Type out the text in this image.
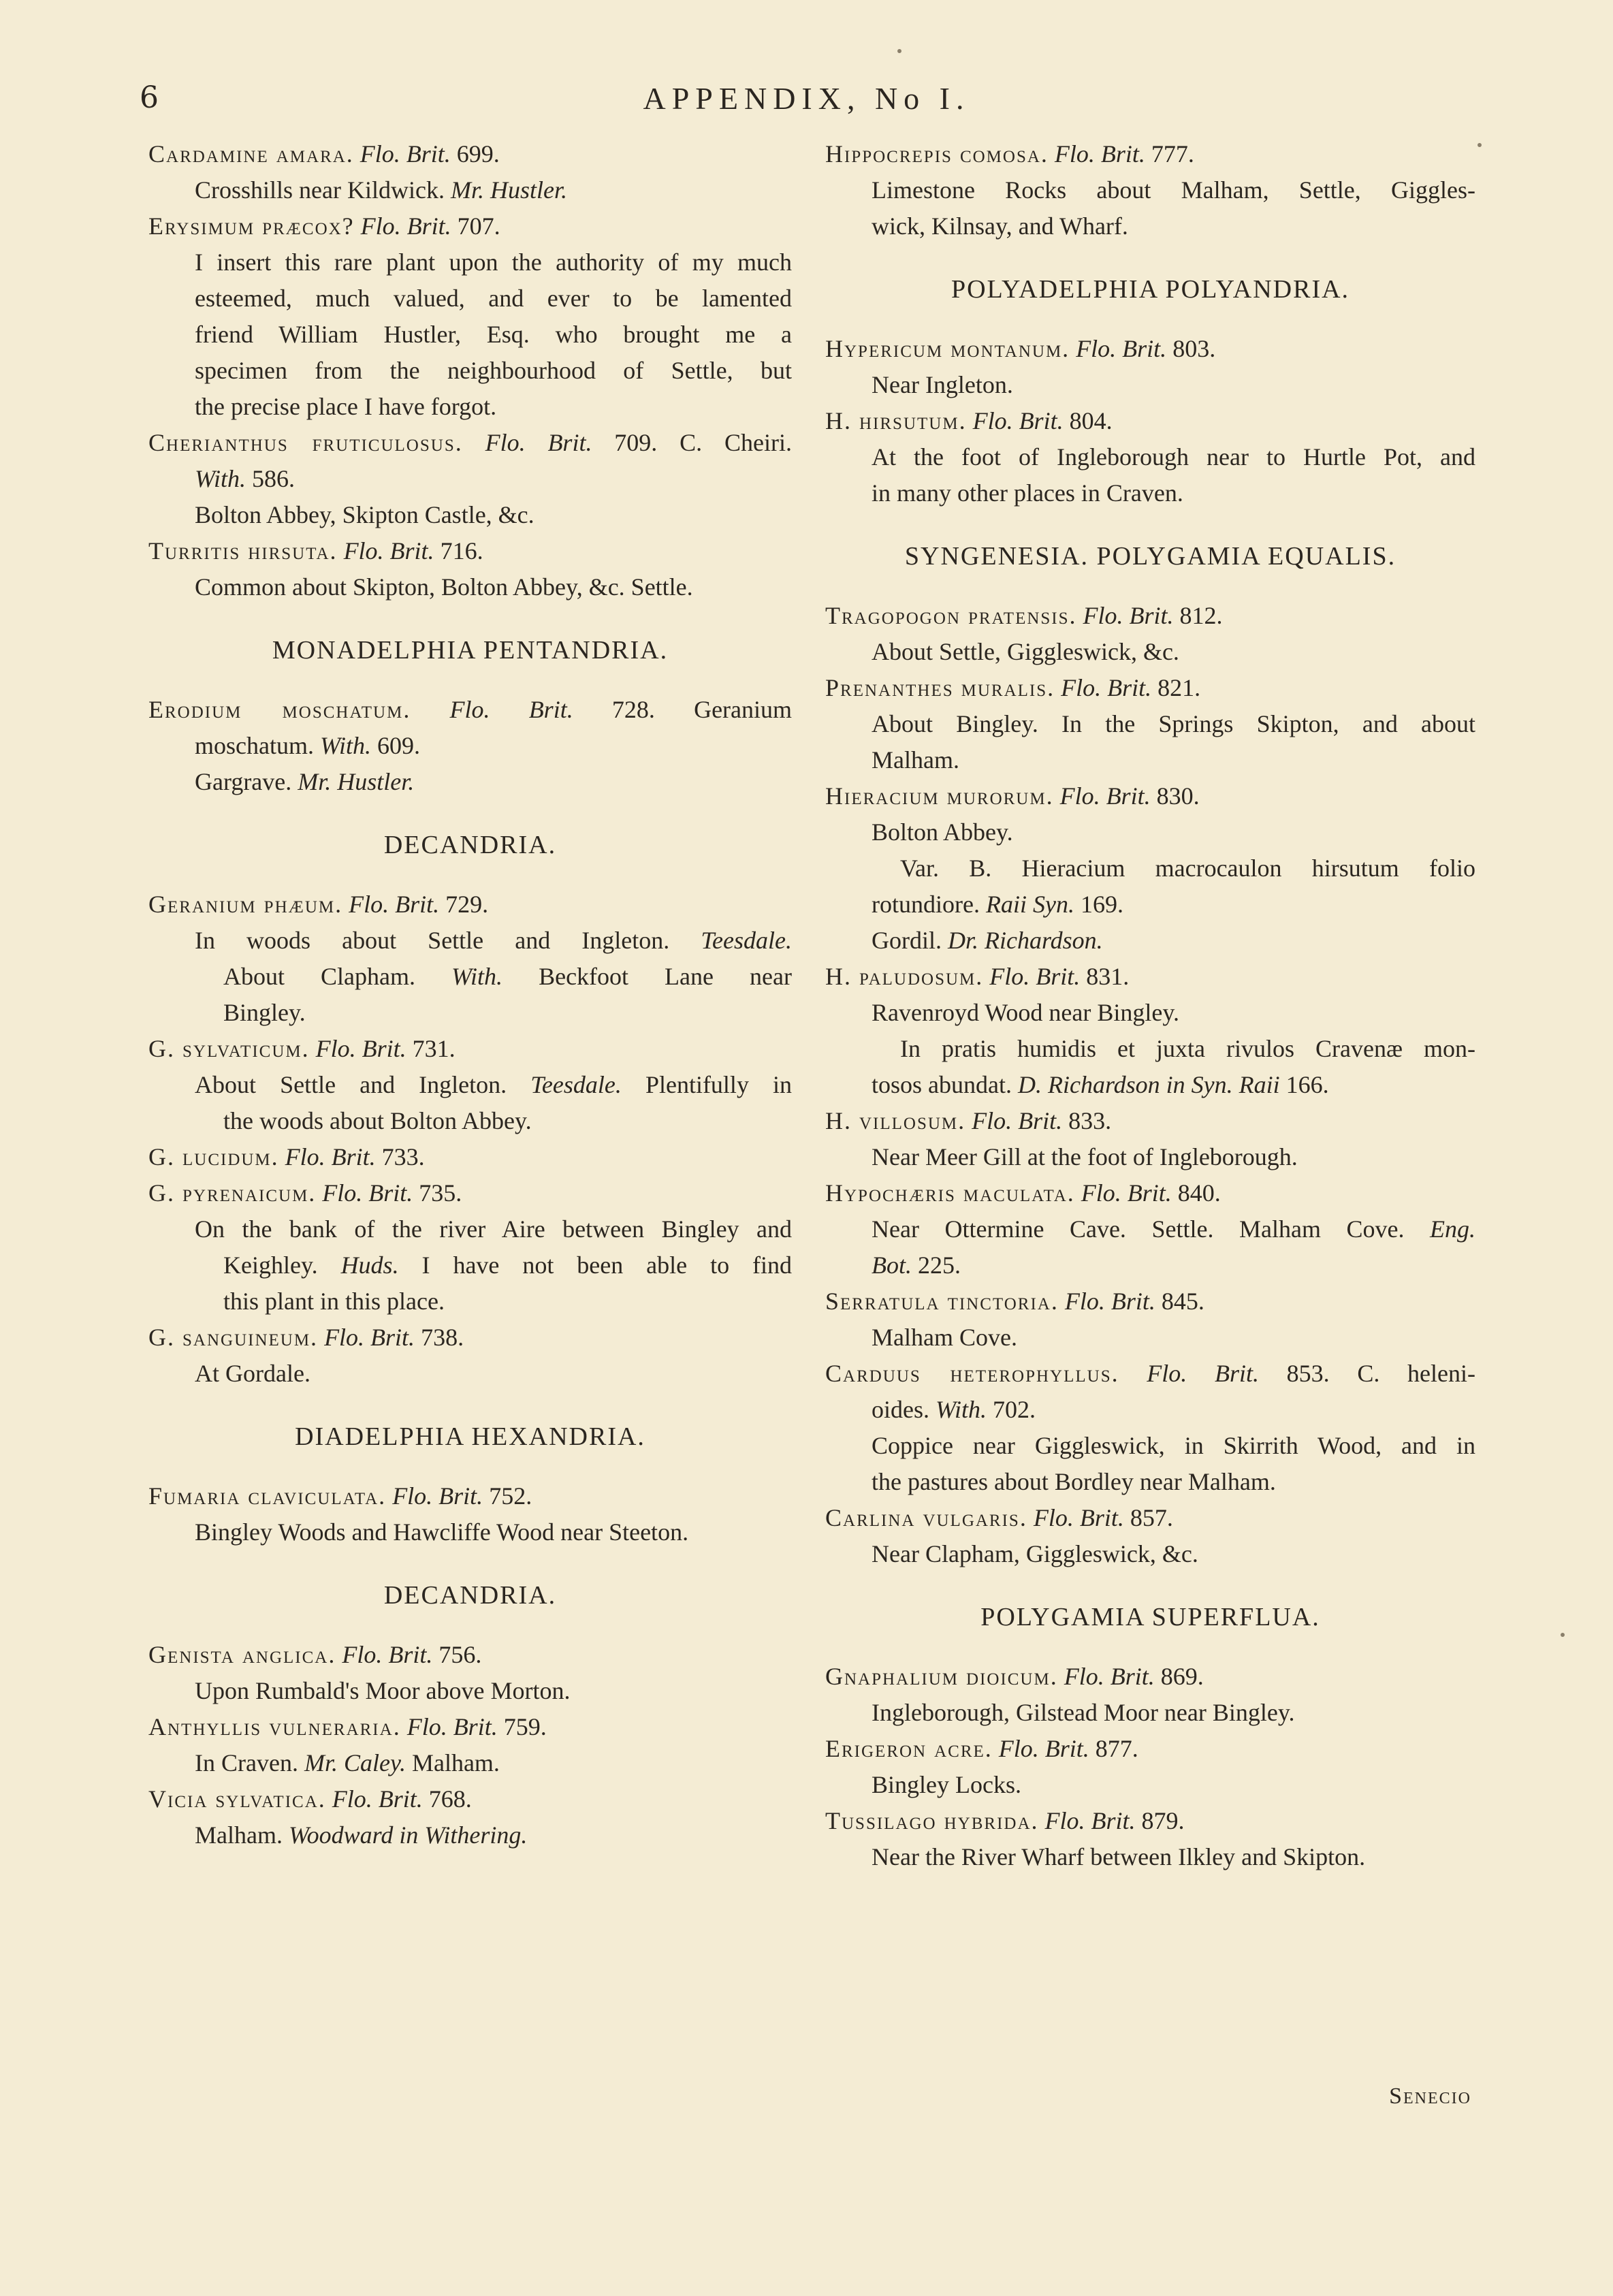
6	APPENDIX, No I.
Cardamine amara. Flo. Brit. 699.
Crosshills near Kildwick. Mr. Hustler.
Erysimum præcox? Flo. Brit. 707.
I insert this rare plant upon the authority of my much
esteemed, much valued, and ever to be lamented
friend William Hustler, Esq. who brought me a
specimen from the neighbourhood of Settle, but
the precise place I have forgot.
Cherianthus fruticulosus. Flo. Brit. 709. C. Cheiri.
With. 586.
Bolton Abbey, Skipton Castle, &c.
Turritis hirsuta. Flo. Brit. 716.
Common about Skipton, Bolton Abbey, &c. Settle.
MONADELPHIA PENTANDRIA.
Erodium moschatum. Flo. Brit. 728. Geranium
moschatum. With. 609.
Gargrave. Mr. Hustler.
DECANDRIA.
Geranium phæum. Flo. Brit. 729.
In woods about Settle and Ingleton. Teesdale.
About Clapham. With. Beckfoot Lane near
Bingley.
G. sylvaticum. Flo. Brit. 731.
About Settle and Ingleton. Teesdale. Plentifully in
the woods about Bolton Abbey.
G. lucidum. Flo. Brit. 733.
G. pyrenaicum. Flo. Brit. 735.
On the bank of the river Aire between Bingley and
Keighley. Huds. I have not been able to find
this plant in this place.
G. sanguineum. Flo. Brit. 738.
At Gordale.
DIADELPHIA HEXANDRIA.
Fumaria claviculata. Flo. Brit. 752.
Bingley Woods and Hawcliffe Wood near Steeton.
DECANDRIA.
Genista anglica. Flo. Brit. 756.
Upon Rumbald's Moor above Morton.
Anthyllis vulneraria. Flo. Brit. 759.
In Craven. Mr. Caley. Malham.
Vicia sylvatica. Flo. Brit. 768.
Malham. Woodward in Withering.
Hippocrepis comosa. Flo. Brit. 777.
Limestone Rocks about Malham, Settle, Giggles-
wick, Kilnsay, and Wharf.
POLYADELPHIA POLYANDRIA.
Hypericum montanum. Flo. Brit. 803.
Near Ingleton.
H. hirsutum. Flo. Brit. 804.
At the foot of Ingleborough near to Hurtle Pot, and
in many other places in Craven.
SYNGENESIA. POLYGAMIA EQUALIS.
Tragopogon pratensis. Flo. Brit. 812.
About Settle, Giggleswick, &c.
Prenanthes muralis. Flo. Brit. 821.
About Bingley. In the Springs Skipton, and about
Malham.
Hieracium murorum. Flo. Brit. 830.
Bolton Abbey.
Var. B. Hieracium macrocaulon hirsutum folio
rotundiore. Raii Syn. 169.
Gordil. Dr. Richardson.
H. paludosum. Flo. Brit. 831.
Ravenroyd Wood near Bingley.
In pratis humidis et juxta rivulos Cravenæ mon-
tosos abundat. D. Richardson in Syn. Raii 166.
H. villosum. Flo. Brit. 833.
Near Meer Gill at the foot of Ingleborough.
Hypochæris maculata. Flo. Brit. 840.
Near Ottermine Cave. Settle. Malham Cove. Eng.
Bot. 225.
Serratula tinctoria. Flo. Brit. 845.
Malham Cove.
Carduus heterophyllus. Flo. Brit. 853. C. heleni-
oides. With. 702.
Coppice near Giggleswick, in Skirrith Wood, and in
the pastures about Bordley near Malham.
Carlina vulgaris. Flo. Brit. 857.
Near Clapham, Giggleswick, &c.
POLYGAMIA SUPERFLUA.
Gnaphalium dioicum. Flo. Brit. 869.
Ingleborough, Gilstead Moor near Bingley.
Erigeron acre. Flo. Brit. 877.
Bingley Locks.
Tussilago hybrida. Flo. Brit. 879.
Near the River Wharf between Ilkley and Skipton.
Senecio
